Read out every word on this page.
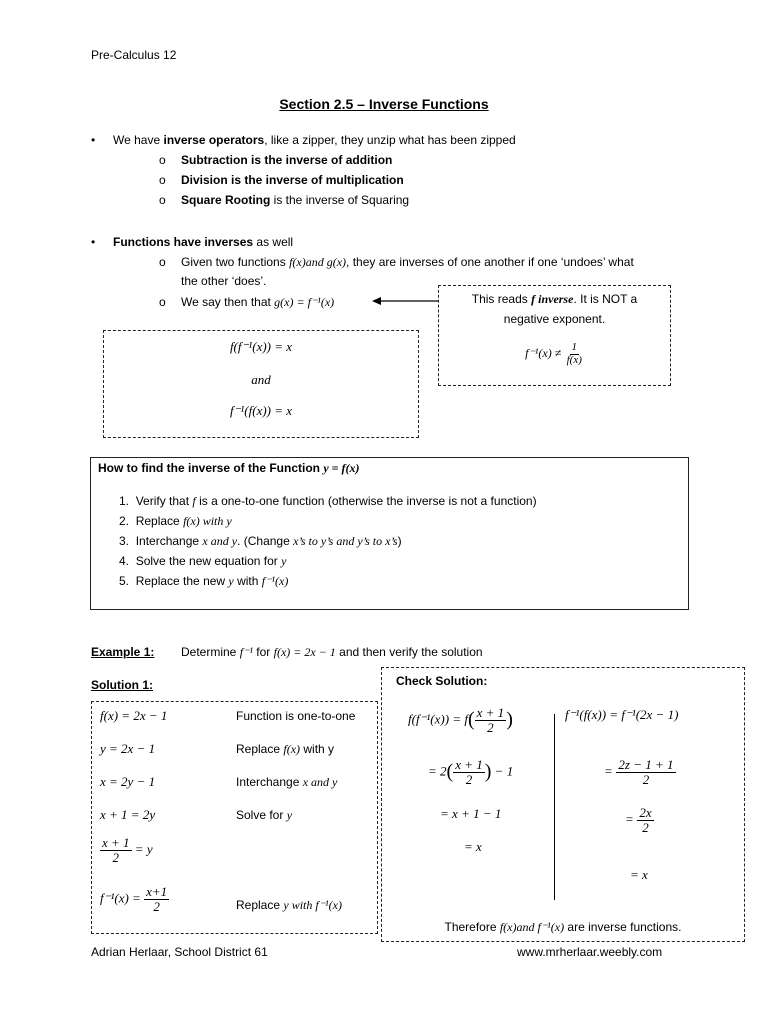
Pre-Calculus 12
Section 2.5 – Inverse Functions
• We have inverse operators, like a zipper, they unzip what has been zipped
o Subtraction is the inverse of addition
o Division is the inverse of multiplication
o Square Rooting is the inverse of Squaring
• Functions have inverses as well
o Given two functions f(x)and g(x), they are inverses of one another if one ‘undoes’ what
the other ‘does’.
o We say then that g(x) = f⁻¹(x)	This reads f inverse. It is NOT a
negative exponent.
$f^{-1}(x) \ne \frac{1}{f(x)}$
f(f⁻¹(x)) = x
and
f⁻¹(f(x)) = x
How to find the inverse of the Function y = f(x)
1. Verify that f is a one-to-one function (otherwise the inverse is not a function)
2. Replace f(x) with y
3. Interchange x and y. (Change x’s to y’s and y’s to x’s)
4. Solve the new equation for y
5. Replace the new y with f⁻¹(x)
Example 1: Determine f⁻¹ for f(x) = 2x − 1 and then verify the solution
Solution 1:
f(x) = 2x − 1	Function is one-to-one
y = 2x − 1	Replace f(x) with y
x = 2y − 1	Interchange x and y
x + 1 = 2y	Solve for y
$\frac{x + 1}{2} = y$
$f^{-1}(x) = \frac{x+1}{2}$	Replace y with f⁻¹(x)
Check Solution:
$f(f^{-1}(x)) = f( \frac{x + 1}{2}$ )
= $2( \frac{x + 1}{2}$ ) − 1
= x + 1 − 1
= x
f⁻¹(f(x)) = f⁻¹(2x − 1)
= $\frac{2z - 1 + 1}{2}$
= $\frac{2x}{2}$
= x
Therefore f(x)and f⁻¹(x) are inverse functions.
Adrian Herlaar, School District 61	www.mrherlaar.weebly.com
